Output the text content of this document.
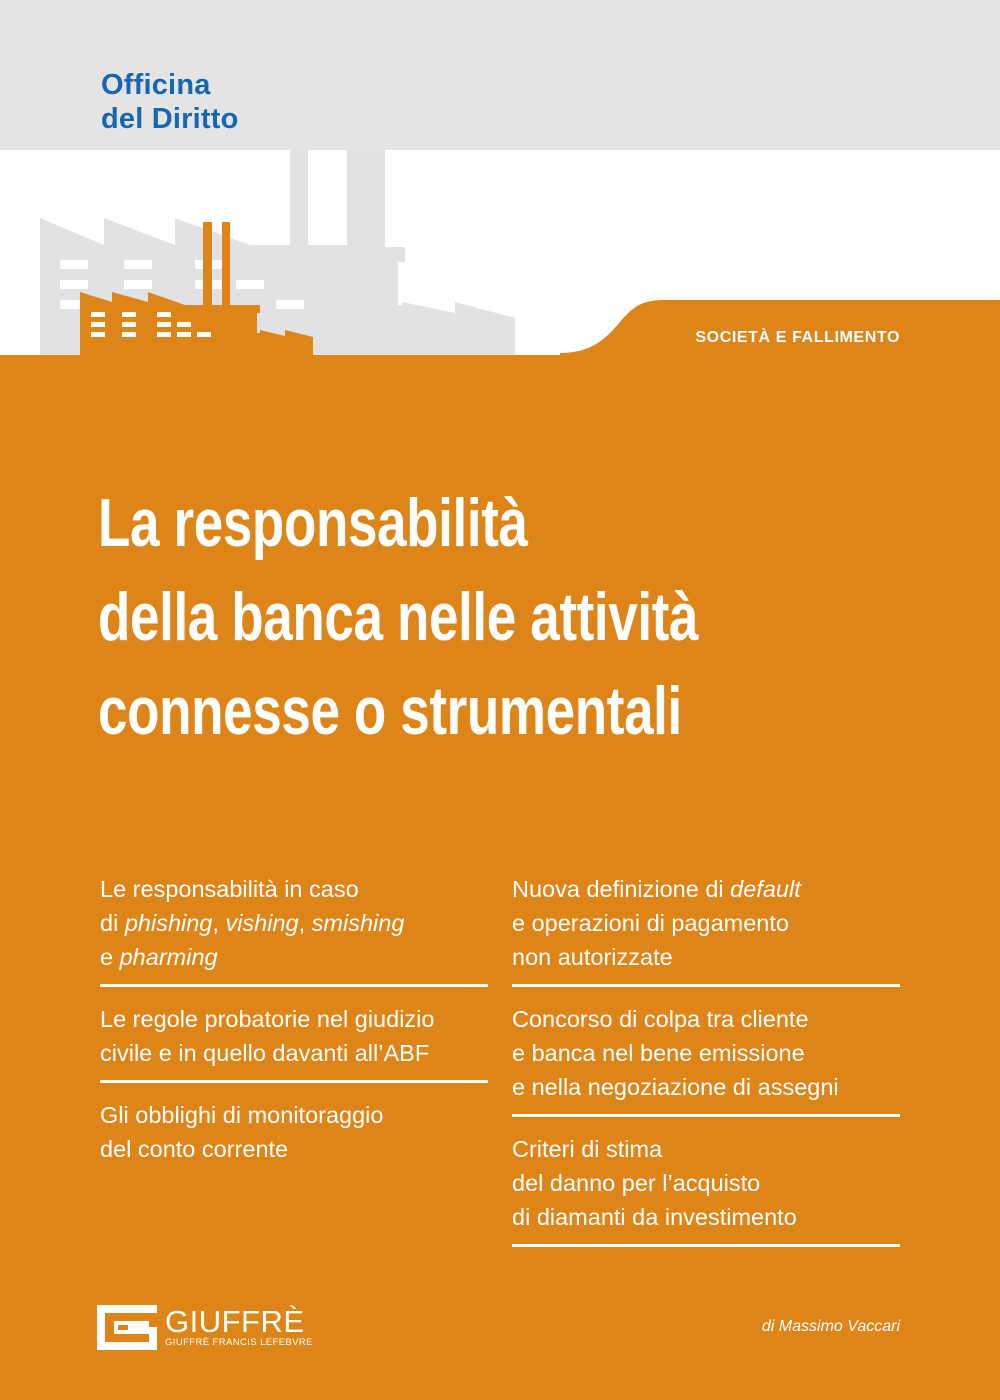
Officina
del Diritto
SOCIETÀ E FALLIMENTO
La responsabilità
della banca nelle attività
connesse o strumentali
Le responsabilità in caso
di phishing, vishing, smishing
e pharming
Le regole probatorie nel giudizio
civile e in quello davanti all’ABF
Gli obblighi di monitoraggio
del conto corrente
Nuova definizione di default
e operazioni di pagamento
non autorizzate
Concorso di colpa tra cliente
e banca nel bene emissione
e nella negoziazione di assegni
Criteri di stima
del danno per l’acquisto
di diamanti da investimento
GIUFFRÈ
GIUFFRÈ FRANCIS LEFEBVRE
di Massimo Vaccari
